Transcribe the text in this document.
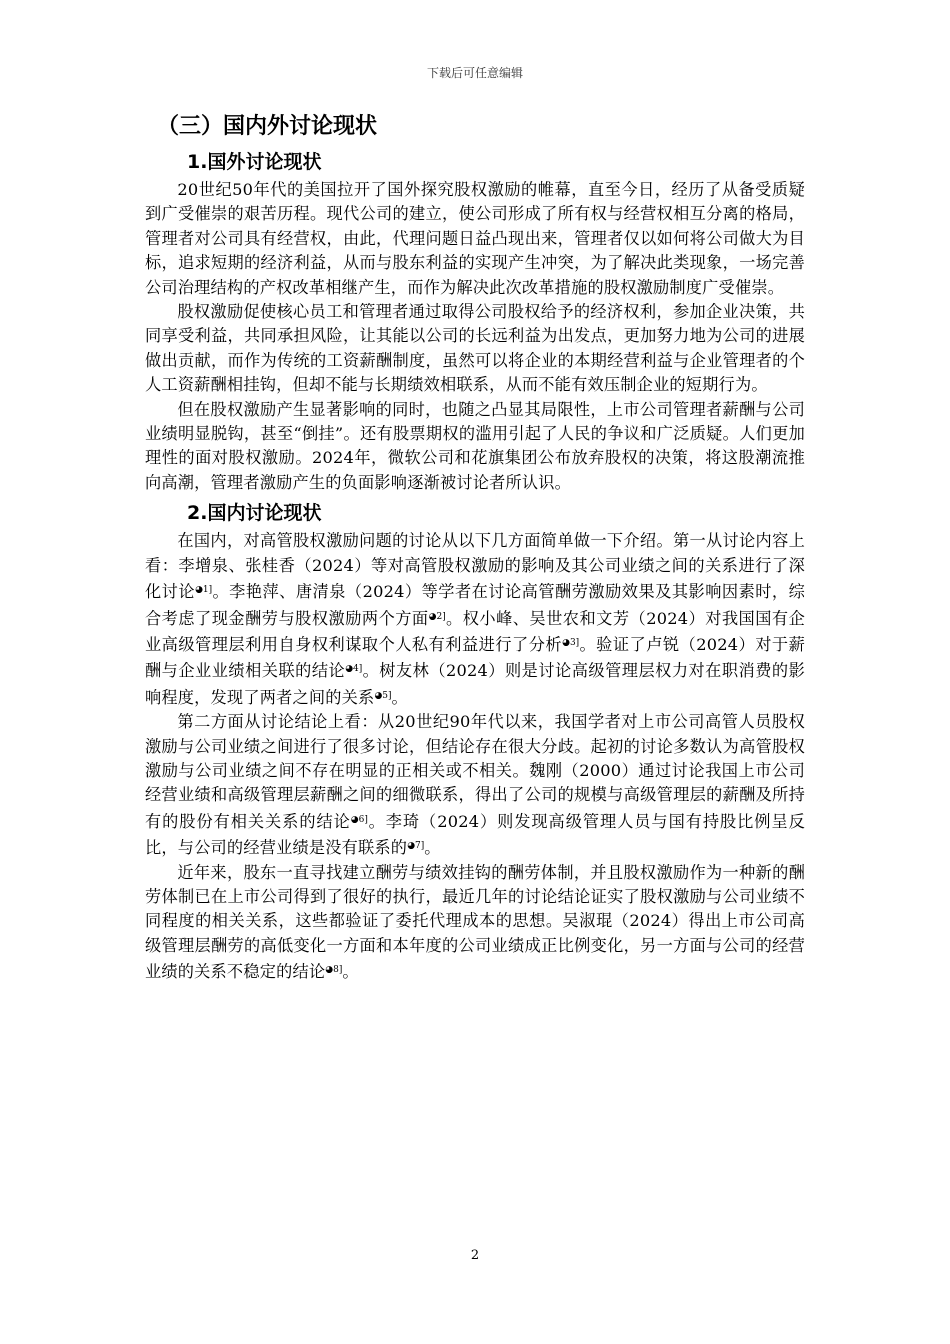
下载后可任意编辑
（三）国内外讨论现状
1.国外讨论现状

20世纪50年代的美国拉开了国外探究股权激励的帷幕，直至今日，经历了从备受质疑到广受催崇的艰苦历程。现代公司的建立，使公司形成了所有权与经营权相互分离的格局，管理者对公司具有经营权，由此，代理问题日益凸现出来，管理者仅以如何将公司做大为目标，追求短期的经济利益，从而与股东利益的实现产生冲突，为了解决此类现象，一场完善公司治理结构的产权改革相继产生，而作为解决此次改革措施的股权激励制度广受催崇。

股权激励促使核心员工和管理者通过取得公司股权给予的经济权利，参加企业决策，共同享受利益，共同承担风险，让其能以公司的长远利益为出发点，更加努力地为公司的进展做出贡献，而作为传统的工资薪酬制度，虽然可以将企业的本期经营利益与企业管理者的个人工资薪酬相挂钩，但却不能与长期绩效相联系，从而不能有效压制企业的短期行为。

但在股权激励产生显著影响的同时，也随之凸显其局限性，上市公司管理者薪酬与公司业绩明显脱钩，甚至“倒挂”。还有股票期权的滥用引起了人民的争议和广泛质疑。人们更加理性的面对股权激励。2024年，微软公司和花旗集团公布放弃股权的决策，将这股潮流推向高潮，管理者激励产生的负面影响逐渐被讨论者所认识。

2.国内讨论现状

在国内，对高管股权激励问题的讨论从以下几方面简单做一下介绍。第一从讨论内容上看：李增泉、张桂香（2024）等对高管股权激励的影响及其公司业绩之间的关系进行了深化讨论$^{◕1]}$。李艳萍、唐清泉（2024）等学者在讨论高管酬劳激励效果及其影响因素时，综合考虑了现金酬劳与股权激励两个方面$^{◕2]}$。权小峰、吴世农和文芳（2024）对我国国有企业高级管理层利用自身权利谋取个人私有利益进行了分析$^{◕3]}$。验证了卢锐（2024）对于薪酬与企业业绩相关联的结论$^{◕4]}$。树友林（2024）则是讨论高级管理层权力对在职消费的影响程度，发现了两者之间的关系$^{◕5]}$。

第二方面从讨论结论上看：从20世纪90年代以来，我国学者对上市公司高管人员股权激励与公司业绩之间进行了很多讨论，但结论存在很大分歧。起初的讨论多数认为高管股权激励与公司业绩之间不存在明显的正相关或不相关。魏刚（2000）通过讨论我国上市公司经营业绩和高级管理层薪酬之间的细微联系，得出了公司的规模与高级管理层的薪酬及所持有的股份有相关关系的结论$^{◕6]}$。李琦（2024）则发现高级管理人员与国有持股比例呈反比，与公司的经营业绩是没有联系的$^{◕7]}$。

近年来，股东一直寻找建立酬劳与绩效挂钩的酬劳体制，并且股权激励作为一种新的酬劳体制已在上市公司得到了很好的执行，最近几年的讨论结论证实了股权激励与公司业绩不同程度的相关关系，这些都验证了委托代理成本的思想。吴淑琨（2024）得出上市公司高级管理层酬劳的高低变化一方面和本年度的公司业绩成正比例变化，另一方面与公司的经营业绩的关系不稳定的结论$^{◕8]}$。

2
